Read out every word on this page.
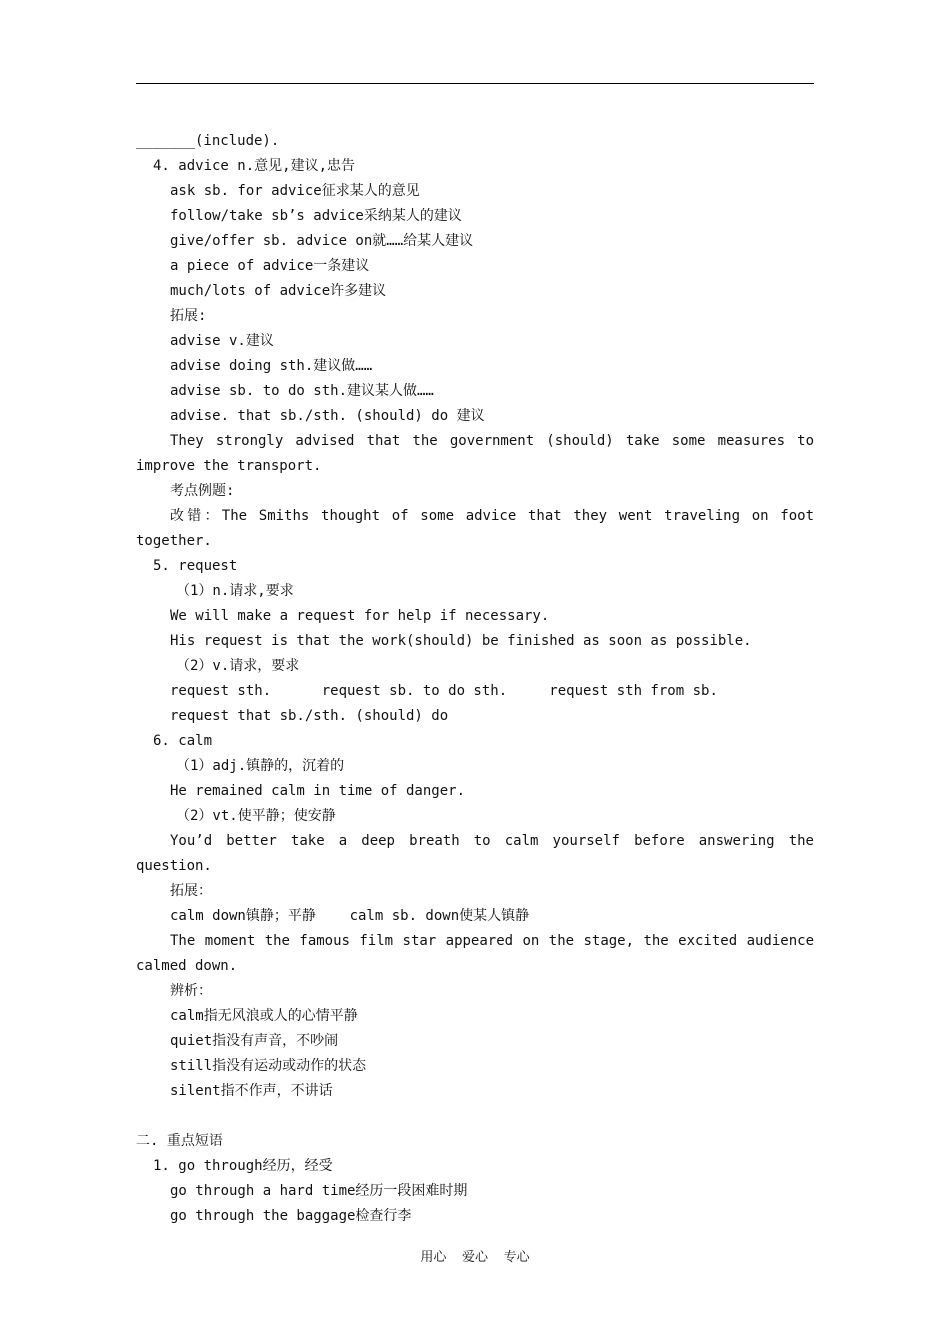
_______(include).
4. advice n.意见,建议,忠告
ask sb. for advice征求某人的意见
follow/take sb’s advice采纳某人的建议
give/offer sb. advice on就……给某人建议
a piece of advice一条建议
much/lots of advice许多建议
拓展:
advise v.建议
advise doing sth.建议做……
advise sb. to do sth.建议某人做……
advise. that sb./sth. (should) do 建议
They strongly advised that the government (should) take some measures to improve the transport.
考点例题:
改错：The Smiths thought of some advice that they went traveling on foot together.
5. request
（1）n.请求,要求
We will make a request for help if necessary.
His request is that the work(should) be finished as soon as possible.
（2）v.请求，要求
request sth.      request sb. to do sth.     request sth from sb.
request that sb./sth. (should) do
6. calm
（1）adj.镇静的，沉着的
He remained calm in time of danger.
（2）vt.使平静；使安静
You’d better take a deep breath to calm yourself before answering the question.
拓展：
calm down镇静；平静    calm sb. down使某人镇静
The moment the famous film star appeared on the stage, the excited audience calmed down.
辨析：
calm指无风浪或人的心情平静
quiet指没有声音，不吵闹
still指没有运动或动作的状态
silent指不作声，不讲话
二. 重点短语
1. go through经历，经受
go through a hard time经历一段困难时期
go through the baggage检查行李
用心  爱心  专心
